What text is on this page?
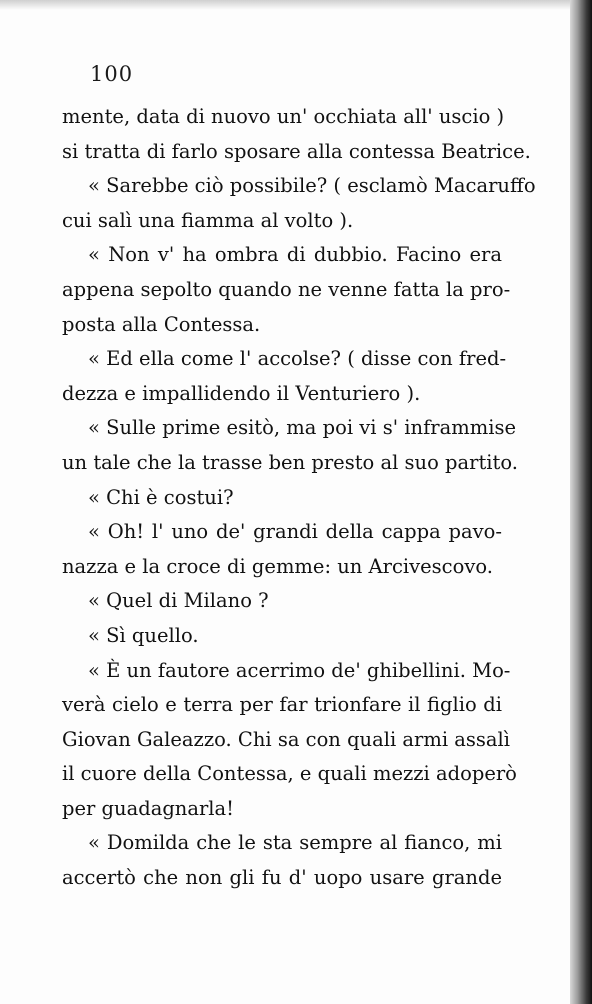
100
mente, data di nuovo un' occhiata all' uscio )
si tratta di farlo sposare alla contessa Beatrice.
« Sarebbe ciò possibile? ( esclamò Macaruffo
cui salì una fiamma al volto ).
« Non v' ha ombra di dubbio. Facino era
appena sepolto quando ne venne fatta la pro-
posta alla Contessa.
« Ed ella come l' accolse? ( disse con fred-
dezza e impallidendo il Venturiero ).
« Sulle prime esitò, ma poi vi s' inframmise
un tale che la trasse ben presto al suo partito.
« Chi è costui?
« Oh! l' uno de' grandi della cappa pavo-
nazza e la croce di gemme: un Arcivescovo.
« Quel di Milano ?
« Sì quello.
« È un fautore acerrimo de' ghibellini. Mo-
verà cielo e terra per far trionfare il figlio di
Giovan Galeazzo. Chi sa con quali armi assalì
il cuore della Contessa, e quali mezzi adoperò
per guadagnarla!
« Domilda che le sta sempre al fianco, mi
accertò che non gli fu d' uopo usare grande
